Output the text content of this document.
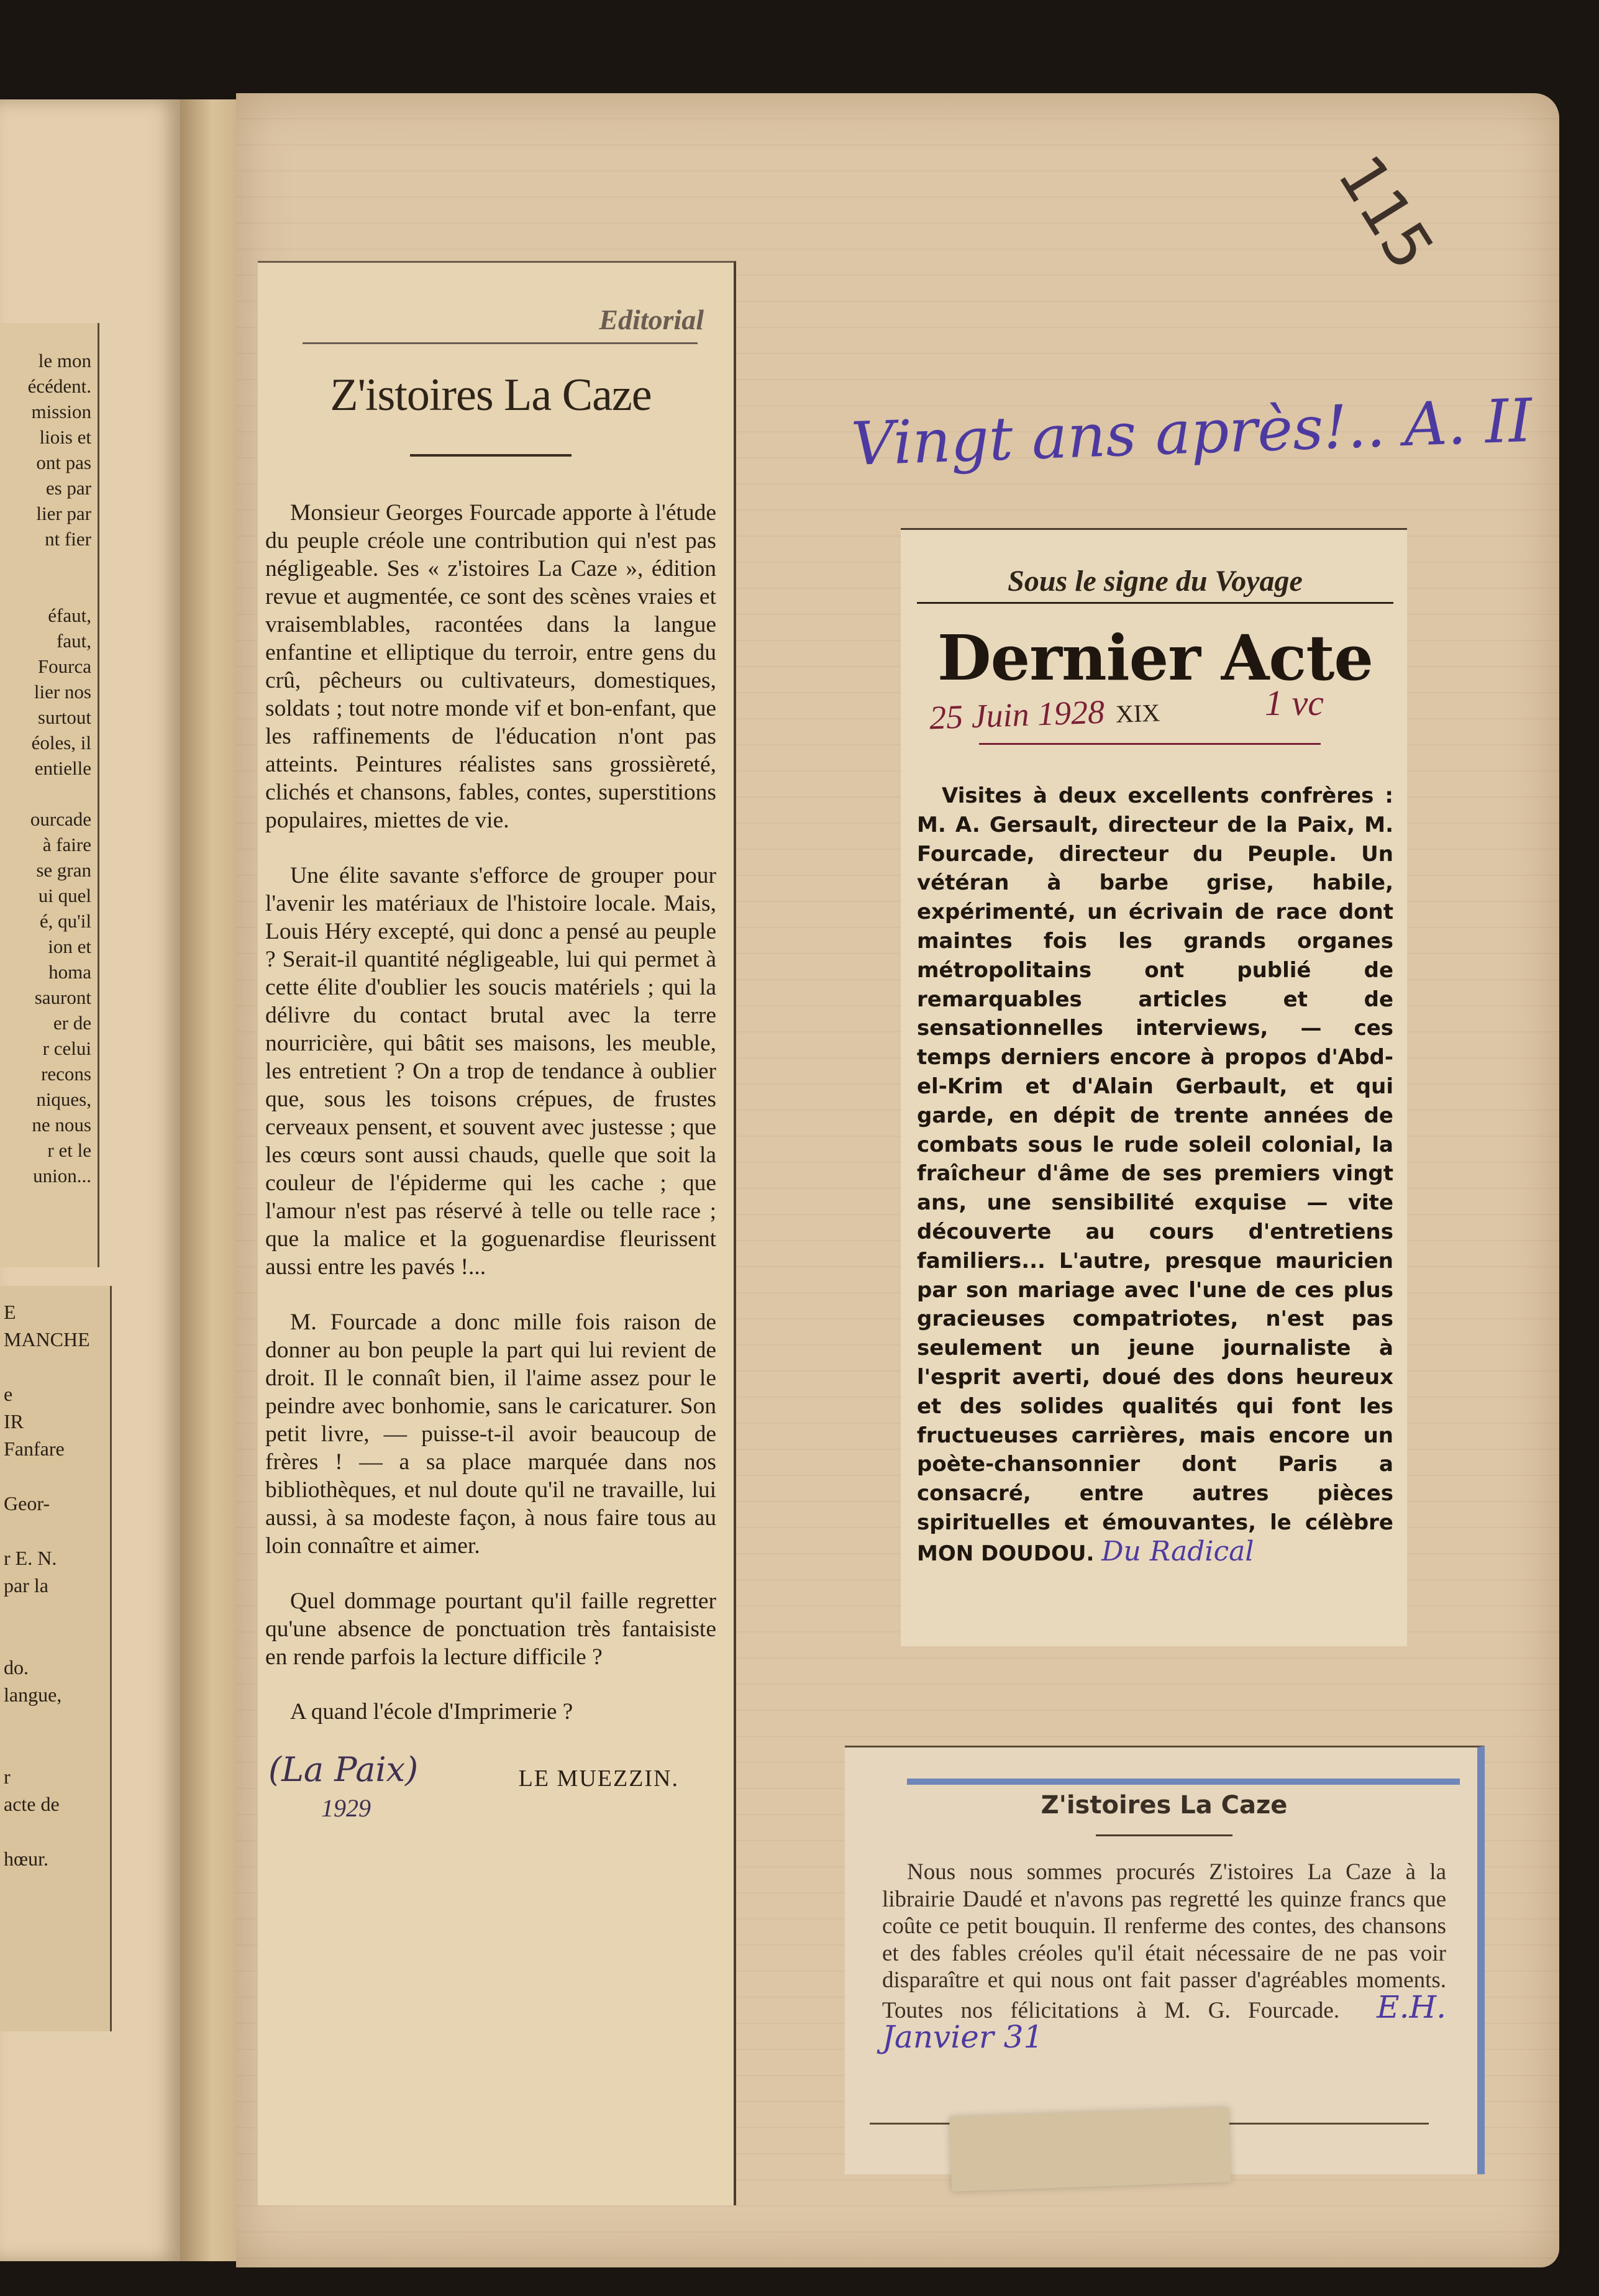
le mon
écédent.
mission
liois et
ont pas
es par
lier par
nt fier

éfaut,
faut,
Fourca
lier nos
surtout
éoles, il
entielle

ourcade
à faire
se gran
ui quel
é, qu'il
ion et
homa
sauront
er de
r celui
recons
niques,
ne nous
r et le
union...
E
MANCHE

e
IR
Fanfare

Geor-

r E. N.
par la

do.
langue,

r
acte de

hœur.
115
Editorial
Z'istoires La Caze

Monsieur Georges Fourcade apporte à l'étude du peuple créole une contribution qui n'est pas négligeable. Ses « z'istoires La Caze », édition revue et augmentée, ce sont des scènes vraies et vraisemblables, racontées dans la langue enfantine et elliptique du terroir, entre gens du crû, pêcheurs ou cultivateurs, domestiques, soldats ; tout notre monde vif et bon-enfant, que les raffinements de l'éducation n'ont pas atteints. Peintures réalistes sans grossièreté, clichés et chansons, fables, contes, superstitions populaires, miettes de vie.

Une élite savante s'efforce de grouper pour l'avenir les matériaux de l'histoire locale. Mais, Louis Héry excepté, qui donc a pensé au peuple ? Serait-il quantité négligeable, lui qui permet à cette élite d'oublier les soucis matériels ; qui la délivre du contact brutal avec la terre nourricière, qui bâtit ses maisons, les meuble, les entretient ? On a trop de tendance à oublier que, sous les toisons crépues, de frustes cerveaux pensent, et souvent avec justesse ; que les cœurs sont aussi chauds, quelle que soit la couleur de l'épiderme qui les cache ; que l'amour n'est pas réservé à telle ou telle race ; que la malice et la goguenardise fleurissent aussi entre les pavés !...

M. Fourcade a donc mille fois raison de donner au bon peuple la part qui lui revient de droit. Il le connaît bien, il l'aime assez pour le peindre avec bonhomie, sans le caricaturer. Son petit livre, — puisse-t-il avoir beaucoup de frères ! — a sa place marquée dans nos bibliothèques, et nul doute qu'il ne travaille, lui aussi, à sa modeste façon, à nous faire tous au loin connaître et aimer.

Quel dommage pourtant qu'il faille regretter qu'une absence de ponctuation très fantaisiste en rende parfois la lecture difficile ?

A quand l'école d'Imprimerie ?

(La Paix)
1929
LE MUEZZIN.
Vingt ans après!.. A. II
Sous le signe du Voyage
Dernier Acte
25 Juin 1928 XIX	1 vc
Visites à deux excellents confrères : M. A. Gersault, directeur de la Paix, M. Fourcade, directeur du Peuple. Un vétéran à barbe grise, habile, expérimenté, un écrivain de race dont maintes fois les grands organes métropolitains ont publié de remarquables articles et de sensationnelles interviews, — ces temps derniers encore à propos d'Abd-el-Krim et d'Alain Gerbault, et qui garde, en dépit de trente années de combats sous le rude soleil colonial, la fraîcheur d'âme de ses premiers vingt ans, une sensibilité exquise — vite découverte au cours d'entretiens familiers... L'autre, presque mauricien par son mariage avec l'une de ces plus gracieuses compatriotes, n'est pas seulement un jeune journaliste à l'esprit averti, doué des dons heureux et des solides qualités qui font les fructueuses carrières, mais encore un poète-chansonnier dont Paris a consacré, entre autres pièces spirituelles et émouvantes, le célèbre MON DOUDOU. Du Radical
Z'istoires La Caze
Nous nous sommes procurés Z'istoires La Caze à la librairie Daudé et n'avons pas regretté les quinze francs que coûte ce petit bouquin. Il renferme des contes, des chansons et des fables créoles qu'il était nécessaire de ne pas voir disparaître et qui nous ont fait passer d'agréables moments. Toutes nos félicitations à M. G. Fourcade. E.H. Janvier 31
